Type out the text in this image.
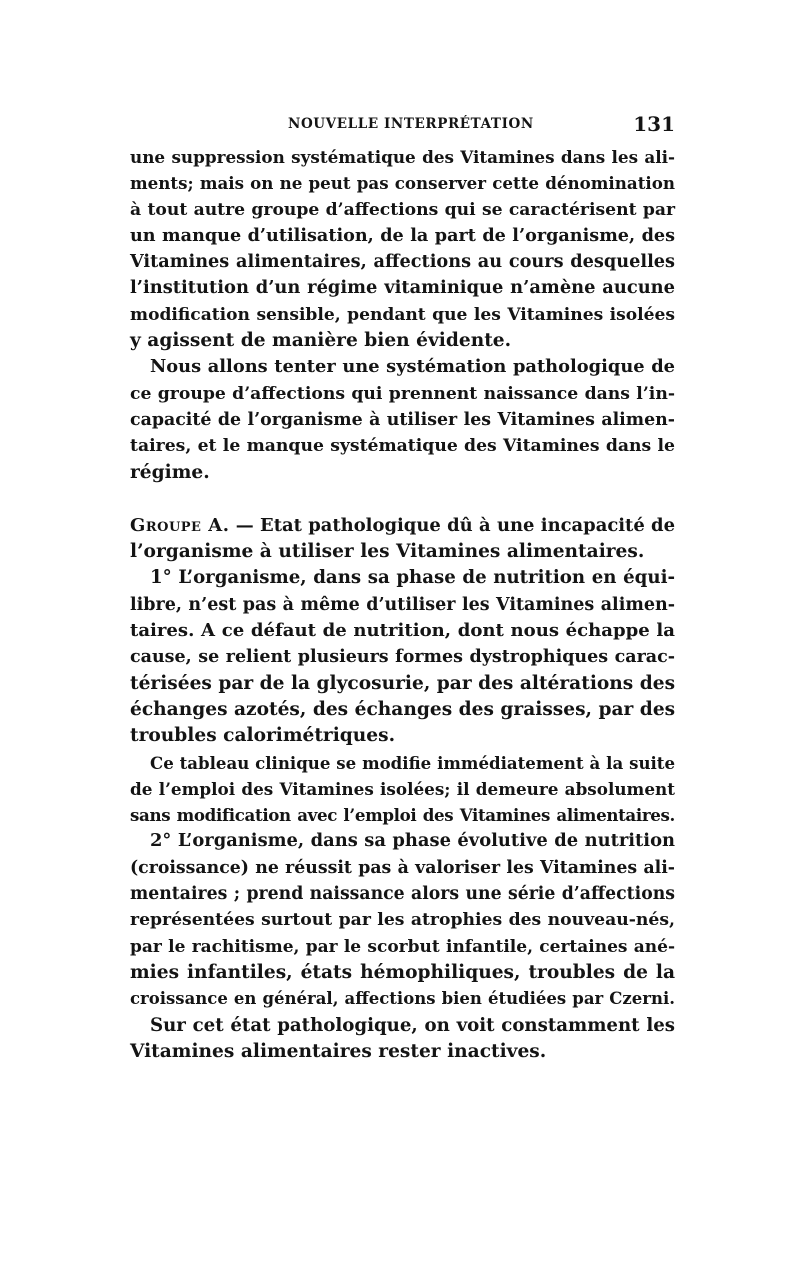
NOUVELLE INTERPRÉTATION	131
une suppression systématique des Vitamines dans les ali-
ments; mais on ne peut pas conserver cette dénomination
à tout autre groupe d’affections qui se caractérisent par
un manque d’utilisation, de la part de l’organisme, des
Vitamines alimentaires, affections au cours desquelles
l’institution d’un régime vitaminique n’amène aucune
modification sensible, pendant que les Vitamines isolées
y agissent de manière bien évidente.
Nous allons tenter une systémation pathologique de
ce groupe d’affections qui prennent naissance dans l’in-
capacité de l’organisme à utiliser les Vitamines alimen-
taires, et le manque systématique des Vitamines dans le
régime.
Groupe A. — Etat pathologique dû à une incapacité de
l’organisme à utiliser les Vitamines alimentaires.
1° L’organisme, dans sa phase de nutrition en équi-
libre, n’est pas à même d’utiliser les Vitamines alimen-
taires. A ce défaut de nutrition, dont nous échappe la
cause, se relient plusieurs formes dystrophiques carac-
térisées par de la glycosurie, par des altérations des
échanges azotés, des échanges des graisses, par des
troubles calorimétriques.
Ce tableau clinique se modifie immédiatement à la suite
de l’emploi des Vitamines isolées; il demeure absolument
sans modification avec l’emploi des Vitamines alimentaires.
2° L’organisme, dans sa phase évolutive de nutrition
(croissance) ne réussit pas à valoriser les Vitamines ali-
mentaires ; prend naissance alors une série d’affections
représentées surtout par les atrophies des nouveau-nés,
par le rachitisme, par le scorbut infantile, certaines ané-
mies infantiles, états hémophiliques, troubles de la
croissance en général, affections bien étudiées par Czerni.
Sur cet état pathologique, on voit constamment les
Vitamines alimentaires rester inactives.
